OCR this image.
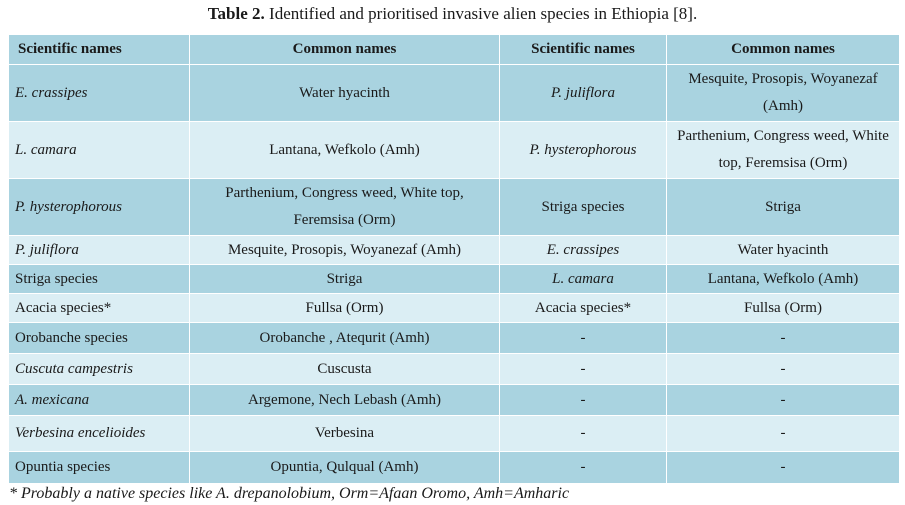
Table 2. Identified and prioritised invasive alien species in Ethiopia [8].
Scientific names	Common names	Scientific names	Common names
E. crassipes	Water hyacinth	P. juliflora	Mesquite, Prosopis, Woyanezaf (Amh)
L. camara	Lantana, Wefkolo (Amh)	P. hysterophorous	Parthenium, Congress weed, White top, Feremsisa (Orm)
P. hysterophorous	Parthenium, Congress weed, White top, Feremsisa (Orm)	Striga species	Striga
P. juliflora	Mesquite, Prosopis, Woyanezaf (Amh)	E. crassipes	Water hyacinth
Striga species	Striga	L. camara	Lantana, Wefkolo (Amh)
Acacia species*	Fullsa (Orm)	Acacia species*	Fullsa (Orm)
Orobanche species	Orobanche , Atequrit (Amh)	-	-
Cuscuta campestris	Cuscusta	-	-
A. mexicana	Argemone, Nech Lebash (Amh)	-	-
Verbesina encelioides	Verbesina	-	-
Opuntia species	Opuntia, Qulqual (Amh)	-	-
* Probably a native species like A. drepanolobium, Orm=Afaan Oromo, Amh=Amharic
